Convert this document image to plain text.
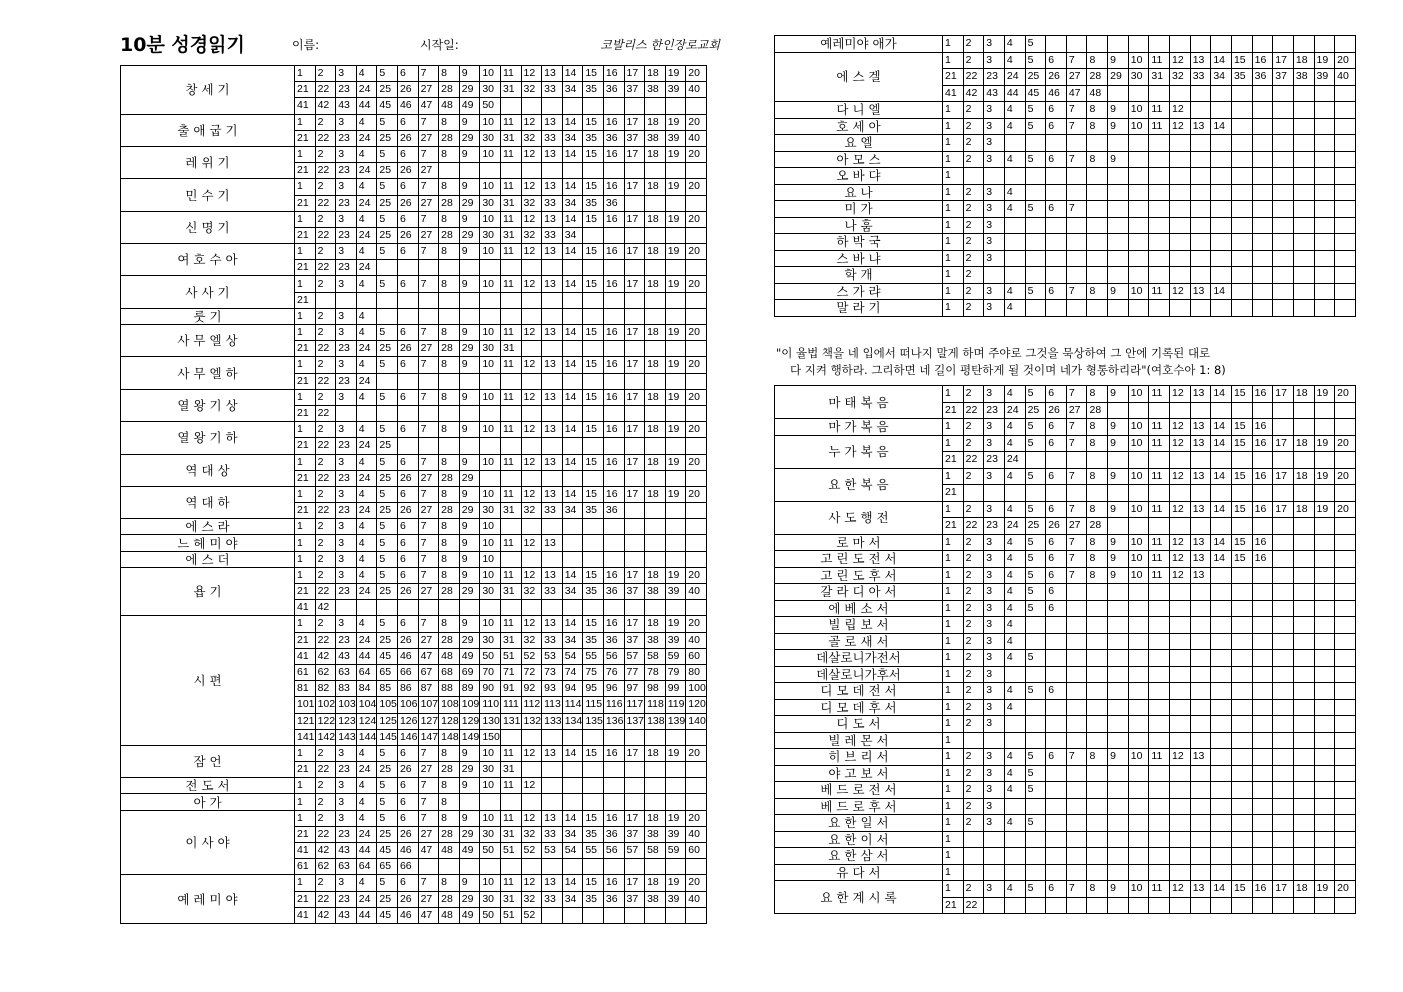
10분 성경읽기	이름:	시작일:	코발리스 한인장로교회
창 세 기	1	2	3	4	5	6	7	8	9	10	11	12	13	14	15	16	17	18	19	20
	21	22	23	24	25	26	27	28	29	30	31	32	33	34	35	36	37	38	39	40
	41	42	43	44	45	46	47	48	49	50										
출 애 굽 기	1	2	3	4	5	6	7	8	9	10	11	12	13	14	15	16	17	18	19	20
	21	22	23	24	25	26	27	28	29	30	31	32	33	34	35	36	37	38	39	40
레 위 기	1	2	3	4	5	6	7	8	9	10	11	12	13	14	15	16	17	18	19	20
	21	22	23	24	25	26	27													
민 수 기	1	2	3	4	5	6	7	8	9	10	11	12	13	14	15	16	17	18	19	20
	21	22	23	24	25	26	27	28	29	30	31	32	33	34	35	36				
신 명 기	1	2	3	4	5	6	7	8	9	10	11	12	13	14	15	16	17	18	19	20
	21	22	23	24	25	26	27	28	29	30	31	32	33	34						
여 호 수 아	1	2	3	4	5	6	7	8	9	10	11	12	13	14	15	16	17	18	19	20
	21	22	23	24																
사 사 기	1	2	3	4	5	6	7	8	9	10	11	12	13	14	15	16	17	18	19	20
	21																			
룻 기	1	2	3	4																
사 무 엘 상	1	2	3	4	5	6	7	8	9	10	11	12	13	14	15	16	17	18	19	20
	21	22	23	24	25	26	27	28	29	30	31									
사 무 엘 하	1	2	3	4	5	6	7	8	9	10	11	12	13	14	15	16	17	18	19	20
	21	22	23	24																
열 왕 기 상	1	2	3	4	5	6	7	8	9	10	11	12	13	14	15	16	17	18	19	20
	21	22																		
열 왕 기 하	1	2	3	4	5	6	7	8	9	10	11	12	13	14	15	16	17	18	19	20
	21	22	23	24	25															
역 대 상	1	2	3	4	5	6	7	8	9	10	11	12	13	14	15	16	17	18	19	20
	21	22	23	24	25	26	27	28	29											
역 대 하	1	2	3	4	5	6	7	8	9	10	11	12	13	14	15	16	17	18	19	20
	21	22	23	24	25	26	27	28	29	30	31	32	33	34	35	36				
에 스 라	1	2	3	4	5	6	7	8	9	10										
느 헤 미 야	1	2	3	4	5	6	7	8	9	10	11	12	13							
에 스 더	1	2	3	4	5	6	7	8	9	10										
욥 기	1	2	3	4	5	6	7	8	9	10	11	12	13	14	15	16	17	18	19	20
	21	22	23	24	25	26	27	28	29	30	31	32	33	34	35	36	37	38	39	40
	41	42																		
시 편	1	2	3	4	5	6	7	8	9	10	11	12	13	14	15	16	17	18	19	20
	21	22	23	24	25	26	27	28	29	30	31	32	33	34	35	36	37	38	39	40
	41	42	43	44	45	46	47	48	49	50	51	52	53	54	55	56	57	58	59	60
	61	62	63	64	65	66	67	68	69	70	71	72	73	74	75	76	77	78	79	80
	81	82	83	84	85	86	87	88	89	90	91	92	93	94	95	96	97	98	99	100
	101	102	103	104	105	106	107	108	109	110	111	112	113	114	115	116	117	118	119	120
	121	122	123	124	125	126	127	128	129	130	131	132	133	134	135	136	137	138	139	140
	141	142	143	144	145	146	147	148	149	150										
잠 언	1	2	3	4	5	6	7	8	9	10	11	12	13	14	15	16	17	18	19	20
	21	22	23	24	25	26	27	28	29	30	31									
전 도 서	1	2	3	4	5	6	7	8	9	10	11	12								
아 가	1	2	3	4	5	6	7	8												
이 사 야	1	2	3	4	5	6	7	8	9	10	11	12	13	14	15	16	17	18	19	20
	21	22	23	24	25	26	27	28	29	30	31	32	33	34	35	36	37	38	39	40
	41	42	43	44	45	46	47	48	49	50	51	52	53	54	55	56	57	58	59	60
	61	62	63	64	65	66														
예 레 미 야	1	2	3	4	5	6	7	8	9	10	11	12	13	14	15	16	17	18	19	20
	21	22	23	24	25	26	27	28	29	30	31	32	33	34	35	36	37	38	39	40
	41	42	43	44	45	46	47	48	49	50	51	52								
예레미야 애가	1	2	3	4	5															
에 스 겔	1	2	3	4	5	6	7	8	9	10	11	12	13	14	15	16	17	18	19	20
	21	22	23	24	25	26	27	28	29	30	31	32	33	34	35	36	37	38	39	40
	41	42	43	44	45	46	47	48												
다 니 엘	1	2	3	4	5	6	7	8	9	10	11	12								
호 세 아	1	2	3	4	5	6	7	8	9	10	11	12	13	14						
요 엘	1	2	3																	
아 모 스	1	2	3	4	5	6	7	8	9											
오 바 댜	1																			
요 나	1	2	3	4																
미 가	1	2	3	4	5	6	7													
나 훔	1	2	3																	
하 박 국	1	2	3																	
스 바 냐	1	2	3																	
학 개	1	2																		
스 가 랴	1	2	3	4	5	6	7	8	9	10	11	12	13	14						
말 라 기	1	2	3	4																
"이 율법 책을 네 입에서 떠나지 말게 하며 주야로 그것을 묵상하여 그 안에 기록된 대로
다 지켜 행하라. 그리하면 네 길이 평탄하게 될 것이며 네가 형통하리라"(여호수아 1: 8)
마 태 복 음	1	2	3	4	5	6	7	8	9	10	11	12	13	14	15	16	17	18	19	20
	21	22	23	24	25	26	27	28												
마 가 복 음	1	2	3	4	5	6	7	8	9	10	11	12	13	14	15	16				
누 가 복 음	1	2	3	4	5	6	7	8	9	10	11	12	13	14	15	16	17	18	19	20
	21	22	23	24																
요 한 복 음	1	2	3	4	5	6	7	8	9	10	11	12	13	14	15	16	17	18	19	20
	21																			
사 도 행 전	1	2	3	4	5	6	7	8	9	10	11	12	13	14	15	16	17	18	19	20
	21	22	23	24	25	26	27	28												
로 마 서	1	2	3	4	5	6	7	8	9	10	11	12	13	14	15	16				
고 린 도 전 서	1	2	3	4	5	6	7	8	9	10	11	12	13	14	15	16				
고 린 도 후 서	1	2	3	4	5	6	7	8	9	10	11	12	13							
갈 라 디 아 서	1	2	3	4	5	6														
에 베 소 서	1	2	3	4	5	6														
빌 립 보 서	1	2	3	4																
골 로 새 서	1	2	3	4																
데살로니가전서	1	2	3	4	5															
데살로니가후서	1	2	3																	
디 모 데 전 서	1	2	3	4	5	6														
디 모 데 후 서	1	2	3	4																
디 도 서	1	2	3																	
빌 레 몬 서	1																			
히 브 리 서	1	2	3	4	5	6	7	8	9	10	11	12	13							
야 고 보 서	1	2	3	4	5															
베 드 로 전 서	1	2	3	4	5															
베 드 로 후 서	1	2	3																	
요 한 일 서	1	2	3	4	5															
요 한 이 서	1																			
요 한 삼 서	1																			
유 다 서	1																			
요 한 계 시 록	1	2	3	4	5	6	7	8	9	10	11	12	13	14	15	16	17	18	19	20
	21	22																		
